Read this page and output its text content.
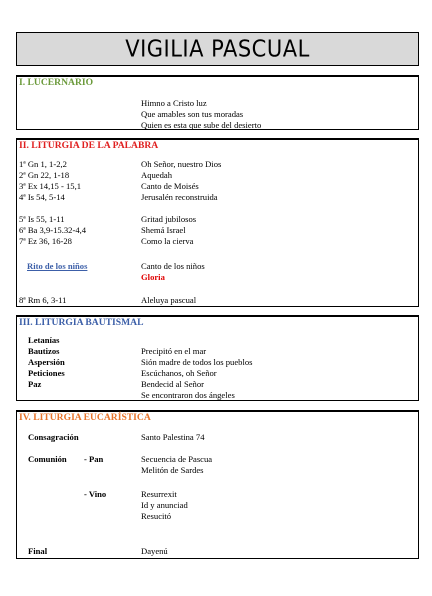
VIGILIA PASCUAL
I. LUCERNARIO
Himno a Cristo luz
Que amables son tus moradas
Quien es esta que sube del desierto
II. LITURGIA DE LA PALABRA
1ª Gn 1, 1-2,2	Oh Señor, nuestro Dios
2ª Gn 22, 1-18	Aquedah
3ª Ex 14,15 - 15,1	Canto de Moisés
4ª Is 54, 5-14	Jerusalén reconstruida
5ª Is 55, 1-11	Gritad jubilosos
6ª Ba 3,9-15.32-4,4	Shemá Israel
7ª Ez 36, 16-28	Como la cierva
Rito de los niños	Canto de los niños
Gloria
8ª Rm 6, 3-11	Aleluya pascual
III. LITURGIA BAUTISMAL
Letanías
Bautizos	Precipitó en el mar
Aspersión	Sión madre de todos los pueblos
Peticiones	Escúchanos, oh Señor
Paz	Bendecid al Señor
Se encontraron dos ángeles
IV. LITURGIA EUCARÍSTICA
Consagración	Santo Palestina 74
Comunión - Pan	Secuencia de Pascua
Melitón de Sardes
- Vino	Resurrexit
Id y anunciad
Resucitó
Final	Dayenú
